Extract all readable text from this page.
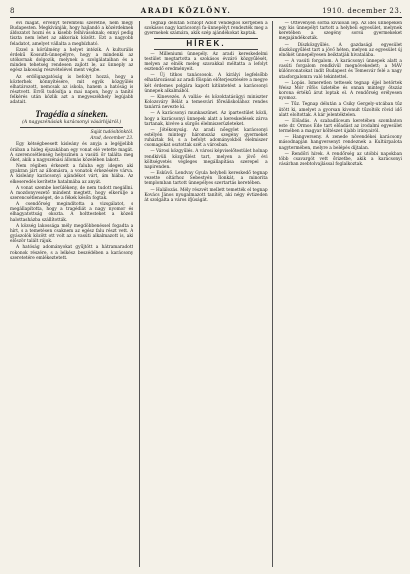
8	ARADI KÖZLÖNY.	1910. december 23.

évi magát, érvényt teremteni szeretne, nem mégy Budapesten. Megkívánják, hogy hajlandó a közérdeknek áldozatot hozni és a kisebb felhívásoknak; ennyi pedig tiszta nem lehet az akkoriak között. Ezt a nagyobb feladatot, amelyet vállalta a megbízható.

Ezzel a körülmény a helyet intézik. A kulturális érdekű Kossuth-ünnepélyre, hogy a mindenki az utókornak dolgozik, melynek a szolgálataiban és a minden tehetség rendesen zajlott le, az ünneply az egész lakosság részvételével ment végbe.

Az erdőigazgatóság is befolyt hozzá, hogy a közterhek könnyítésére, mit egyik közgyűlés elhatározott, nemcsak az iskola, hanem a hatóság is résztvett. Erről tudósítja a mai napon, hogy a tanító felkérés után közlik azt a megyeszékhely legújabb adatait.

Tragédia a síneken.
(A nagyszénásiak karácsonyi vásárlójáról.)
Saját tudósítónktól.
Arad, december 23.

Egy kétségbeesett kisleány és anyja a legéjjelibb órában a hideg éjszakában egy vonat elé vetette magát. A szerencsétlenség helyszínén a vasúti őr találta meg őket, akik a nagyszénási állomás közelében lakott.

Nem régiben érkezett a faluba egy idegen aki gyakran járt az állomásra, a vonatok érkezésére várva. A kisleány karácsonyi ajándékot várt, ám hiába. Az elkeseredés kerítette hatalmába az anyát.

A vonat szembe kerülékeny, de nem tudott megállni. A mozdonyvezető mindent megtett, hogy elkerülje a szerencsétlenséget, de a fékek későn fogtak.

A csendőrség megindította a vizsgálatot, s megállapította, hogy a tragédiát a nagy nyomor és elhagyatottság okozta. A holttesteket a közeli halottasházba szállították.

A község lakossága mély megdöbbenéssel fogadta a hírt, s a temetésen csaknem az egész falu részt vett. A gyászolók között ott volt az a vasúti alkalmazott is, aki először talált rájuk.

A hatóság adományokat gyűjtött a hátramaradott rokonok részére, s a lelkész beszédében a karácsony szeretetére emlékeztetett.

Tegnap délután Schlöpf Adolf vendéglős kertjében a szokásos nagy karácsonyi fa-ünnepélyt rendezték meg a gyermekek számára, akik szép ajándékokat kaptak.

HÍREK.

— Milleniumi ünnepély. Az aradi kereskedelmi testület megtartotta a szokásos évzáró közgyűlését, melyen az elnök meleg szavakkal méltatta a lefolyt esztendő eredményeit.

— Új titkos tanácsosok. A királyi legfelsőbb elhatározással az aradi főispán előterjesztésére a megye két érdemes polgára kapott kitüntetést a karácsonyi ünnepek alkalmából.

— Kinevezés. A vallás- és közoktatásügyi miniszter Kolozsváry Bélát a temesvári főreáliskolához rendes tanárrá nevezte ki.

— A karácsonyi munkaszünet. Az ipartestület közli, hogy a karácsonyi ünnepek alatt a kereskedések zárva tartanak, kivéve a sürgős élelmiszerüzleteket.

— Jótékonyság. Az aradi nőegylet karácsonyi estélyén mintegy háromszáz szegény gyermeket ruháztak fel, s a befolyt adományokból élelmiszer csomagokat osztottak szét a városban.

— Városi közgyűlés. A városi képviselőtestület holnap rendkívüli közgyűlést tart, melyen a jövő évi költségvetés végleges megállapítása szerepel a napirenden.

— Esküvő. Lendvay Gyula helybeli kereskedő tegnap vezette oltárhoz Sebestyén Ilonkát, a minorita templomban tartott ünnepélyes szertartás keretében.

— Halálozás. Mély részvét mellett temették el tegnap Kovács János nyugalmazott tanítót, aki négy évtizeden át szolgálta a város ifjúságát.

— Öttevényen sorba kiválóan lép. Az idei ünnepeken egy kis ünnepélyt tartott a helybeli egyesület, melynek keretében a szegény sorsú gyermekeket megajándékozták.

— Díszközgyűlés. A gazdasági egyesület díszközgyűlést tart a jövő héten, melyen az egyesület új elnökét ünnepélyesen beiktatják hivatalába.

— A vasúti forgalom. A karácsonyi ünnepek alatt a vasúti forgalom rendkívül megnövekedett; a MÁV különvonatokat indít Budapest és Temesvár felé a nagy utasforgalomra való tekintettel.

— Lopás. Ismeretlen tettesek tegnap éjjel betörtek Weisz Mór rőfös üzletébe és onnan mintegy ötszáz korona értékű árut loptak el. A rendőrség erélyesen nyomoz.

— Tűz. Tegnap délután a Csiky Gergely-utcában tűz ütött ki, amelyet a gyorsan kivonult tűzoltók rövid idő alatt eloltottak. A kár jelentéktelen.

— Előadás. A szabadlíceum keretében szombaton este dr. Ormos Ede tart előadást az irodalmi egyesület termében a magyar költészet újabb irányairól.

— Hangverseny. A zenede növendékei karácsony másodnapján hangversenyt rendeznek a Kultúrpalota nagytermében, melyre a belépés díjtalan.

— Rendőri hírek. A rendőrség az utóbbi napokban több csavargót vett őrizetbe, akik a karácsonyi vásárban zsebtolvajlással foglalkoztak.
